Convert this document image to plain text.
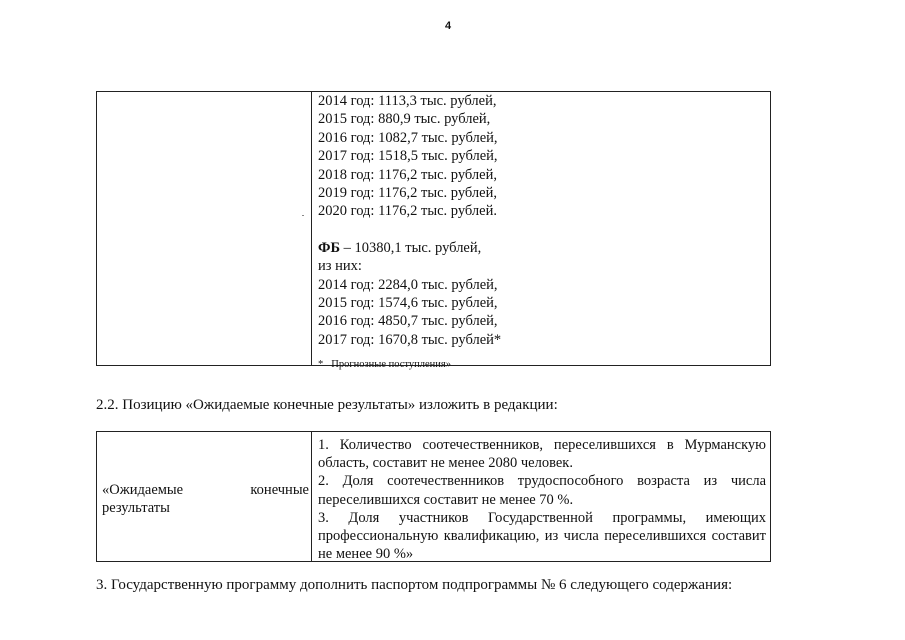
4
2014 год: 1113,3 тыс. рублей,
2015 год: 880,9 тыс. рублей,
2016 год: 1082,7 тыс. рублей,
2017 год: 1518,5 тыс. рублей,
2018 год: 1176,2 тыс. рублей,
2019 год: 1176,2 тыс. рублей,
2020 год: 1176,2 тыс. рублей.
ФБ – 10380,1 тыс. рублей,
из них:
2014 год: 2284,0 тыс. рублей,
2015 год: 1574,6 тыс. рублей,
2016 год: 4850,7 тыс. рублей,
2017 год: 1670,8 тыс. рублей*
* Прогнозные поступления»
2.2. Позицию «Ожидаемые конечные результаты» изложить в редакции:
«Ожидаемые	конечные
результаты

1. Количество соотечественников, переселившихся в Мурманскую область, составит не менее 2080 человек.

2. Доля соотечественников трудоспособного возраста из числа переселившихся составит не менее 70 %.

3. Доля участников Государственной программы, имеющих профессиональную квалификацию, из числа переселившихся составит не менее 90 %»

3. Государственную программу дополнить паспортом подпрограммы № 6 следующего содержания:
